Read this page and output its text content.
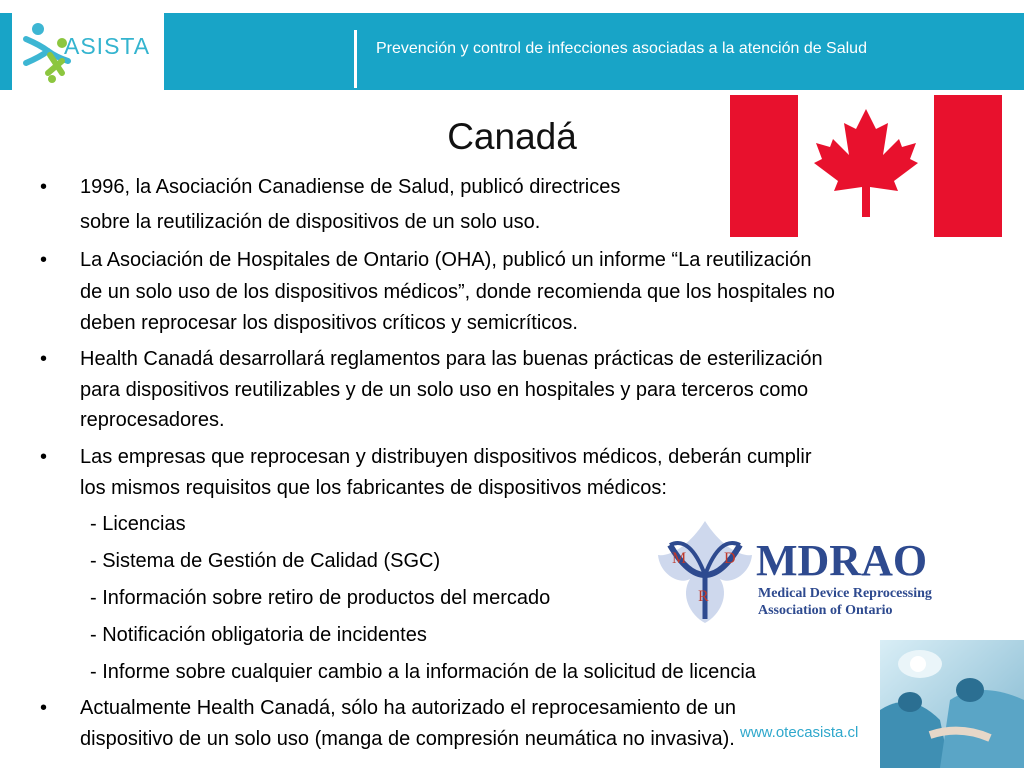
ASISTA	Prevención y control de infecciones asociadas a la atención de Salud
Canadá
• 1996, la Asociación Canadiense de Salud, publicó directrices
sobre la reutilización de dispositivos de un solo uso.
• La Asociación de Hospitales de Ontario (OHA), publicó un informe “La reutilización
de un solo uso de los dispositivos médicos”, donde recomienda que los hospitales no
deben reprocesar los dispositivos críticos y semicríticos.
• Health Canadá desarrollará reglamentos para las buenas prácticas de esterilización
para dispositivos reutilizables y de un solo uso en hospitales y para terceros como
reprocesadores.
• Las empresas que reprocesan y distribuyen dispositivos médicos, deberán cumplir
los mismos requisitos que los fabricantes de dispositivos médicos:
- Licencias
- Sistema de Gestión de Calidad (SGC)
- Información sobre retiro de productos del mercado
- Notificación obligatoria de incidentes
- Informe sobre cualquier cambio a la información de la solicitud de licencia
• Actualmente Health Canadá, sólo ha autorizado el reprocesamiento de un
dispositivo de un solo uso (manga de compresión neumática no invasiva).
M D
R
MDRAO
Medical Device Reprocessing
Association of Ontario
www.otecasista.cl
